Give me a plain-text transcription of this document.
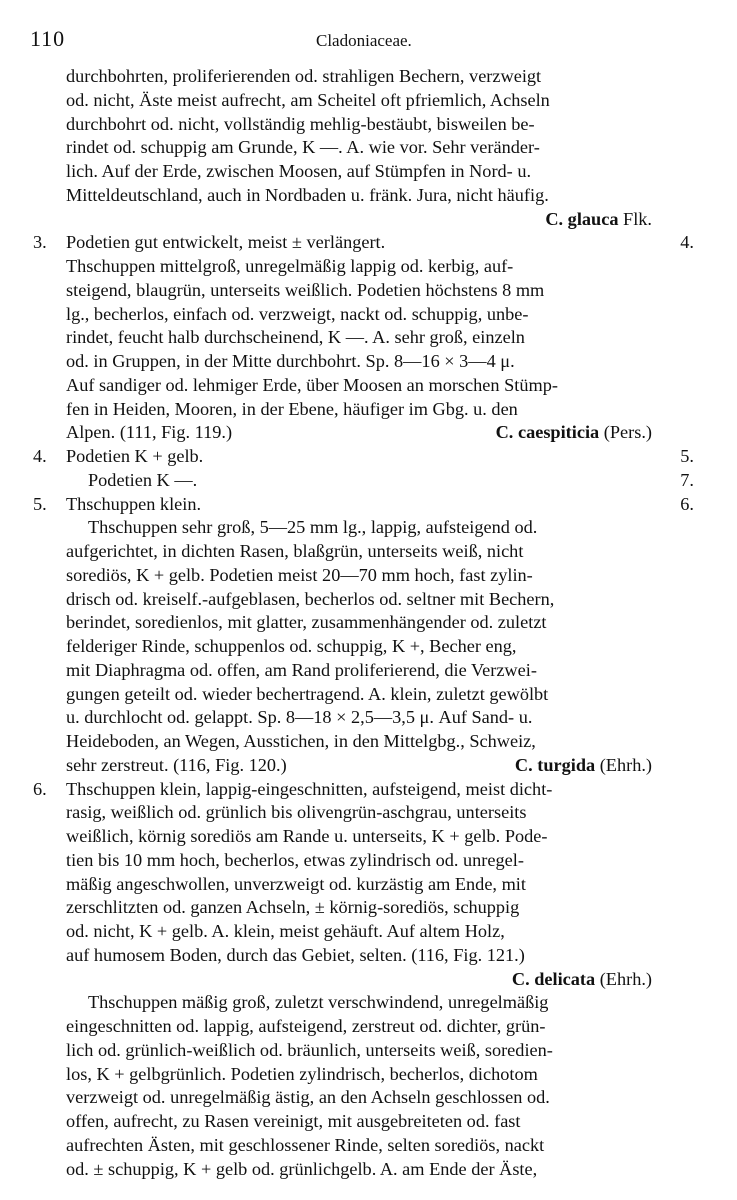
110	Cladoniaceae.
durchbohrten, proliferierenden od. strahligen Bechern, verzweigt
od. nicht, Äste meist aufrecht, am Scheitel oft pfriemlich, Achseln
durchbohrt od. nicht, vollständig mehlig-bestäubt, bisweilen be-
rindet od. schuppig am Grunde, K —. A. wie vor. Sehr veränder-
lich. Auf der Erde, zwischen Moosen, auf Stümpfen in Nord- u.
Mitteldeutschland, auch in Nordbaden u. fränk. Jura, nicht häufig.
C. glauca Flk.
3. Podetien gut entwickelt, meist ± verlängert.	4.
Thschuppen mittelgroß, unregelmäßig lappig od. kerbig, auf-
steigend, blaugrün, unterseits weißlich. Podetien höchstens 8 mm
lg., becherlos, einfach od. verzweigt, nackt od. schuppig, unbe-
rindet, feucht halb durchscheinend, K —. A. sehr groß, einzeln
od. in Gruppen, in der Mitte durchbohrt. Sp. 8—16 × 3—4 μ.
Auf sandiger od. lehmiger Erde, über Moosen an morschen Stümp-
fen in Heiden, Mooren, in der Ebene, häufiger im Gbg. u. den
Alpen. (111, Fig. 119.)	C. caespiticia (Pers.)
4. Podetien K + gelb.	5.
Podetien K —.	7.
5. Thschuppen klein.	6.
Thschuppen sehr groß, 5—25 mm lg., lappig, aufsteigend od.
aufgerichtet, in dichten Rasen, blaßgrün, unterseits weiß, nicht
sorediös, K + gelb. Podetien meist 20—70 mm hoch, fast zylin-
drisch od. kreiself.-aufgeblasen, becherlos od. seltner mit Bechern,
berindet, soredienlos, mit glatter, zusammenhängender od. zuletzt
felderiger Rinde, schuppenlos od. schuppig, K +, Becher eng,
mit Diaphragma od. offen, am Rand proliferierend, die Verzwei-
gungen geteilt od. wieder bechertragend. A. klein, zuletzt gewölbt
u. durchlocht od. gelappt. Sp. 8—18 × 2,5—3,5 μ. Auf Sand- u.
Heideboden, an Wegen, Ausstichen, in den Mittelgbg., Schweiz,
sehr zerstreut. (116, Fig. 120.)	C. turgida (Ehrh.)
6. Thschuppen klein, lappig-eingeschnitten, aufsteigend, meist dicht-
rasig, weißlich od. grünlich bis olivengrün-aschgrau, unterseits
weißlich, körnig sorediös am Rande u. unterseits, K + gelb. Pode-
tien bis 10 mm hoch, becherlos, etwas zylindrisch od. unregel-
mäßig angeschwollen, unverzweigt od. kurzästig am Ende, mit
zerschlitzten od. ganzen Achseln, ± körnig-sorediös, schuppig
od. nicht, K + gelb. A. klein, meist gehäuft. Auf altem Holz,
auf humosem Boden, durch das Gebiet, selten. (116, Fig. 121.)
C. delicata (Ehrh.)
Thschuppen mäßig groß, zuletzt verschwindend, unregelmäßig
eingeschnitten od. lappig, aufsteigend, zerstreut od. dichter, grün-
lich od. grünlich-weißlich od. bräunlich, unterseits weiß, soredien-
los, K + gelbgrünlich. Podetien zylindrisch, becherlos, dichotom
verzweigt od. unregelmäßig ästig, an den Achseln geschlossen od.
offen, aufrecht, zu Rasen vereinigt, mit ausgebreiteten od. fast
aufrechten Ästen, mit geschlossener Rinde, selten sorediös, nackt
od. ± schuppig, K + gelb od. grünlichgelb. A. am Ende der Äste,
